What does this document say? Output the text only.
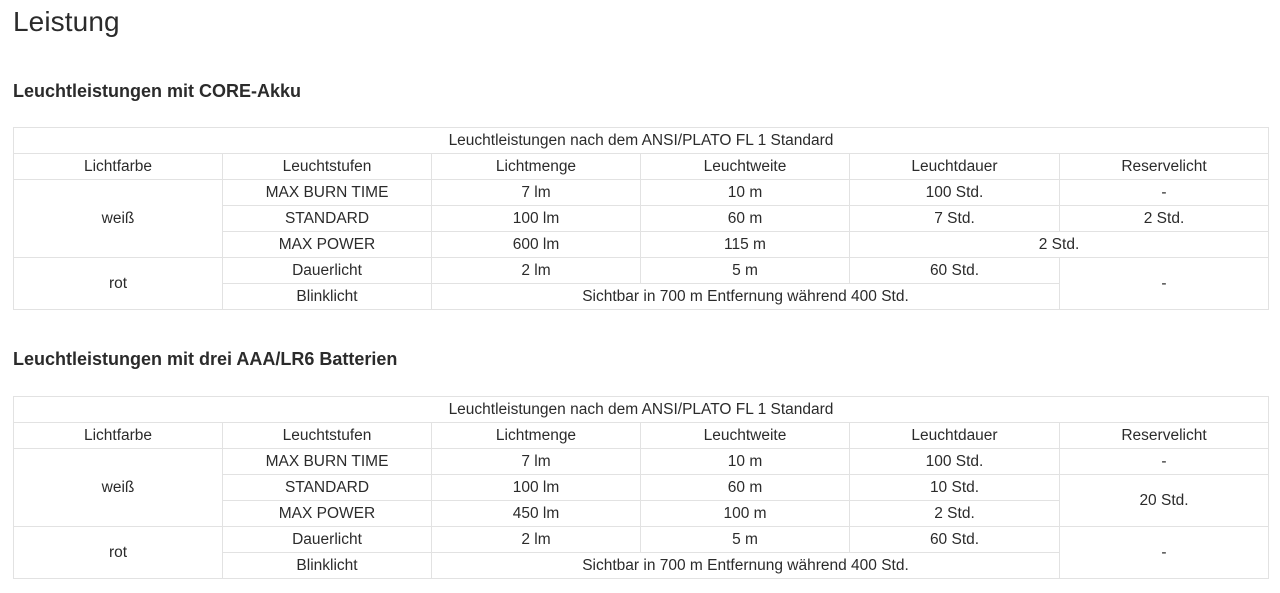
Leistung
Leuchtleistungen mit CORE-Akku
Leuchtleistungen nach dem ANSI/PLATO FL 1 Standard					
Lichtfarbe	Leuchtstufen	Lichtmenge	Leuchtweite	Leuchtdauer	Reservelicht
weiß	MAX BURN TIME	7 lm	10 m	100 Std.	-
	STANDARD	100 lm	60 m	7 Std.	2 Std.
	MAX POWER	600 lm	115 m	2 Std.	
rot	Dauerlicht	2 lm	5 m	60 Std.	-
	Blinklicht	Sichtbar in 700 m Entfernung während 400 Std.			
Leuchtleistungen mit drei AAA/LR6 Batterien
Leuchtleistungen nach dem ANSI/PLATO FL 1 Standard					
Lichtfarbe	Leuchtstufen	Lichtmenge	Leuchtweite	Leuchtdauer	Reservelicht
weiß	MAX BURN TIME	7 lm	10 m	100 Std.	-
	STANDARD	100 lm	60 m	10 Std.	20 Std.
	MAX POWER	450 lm	100 m	2 Std.	
rot	Dauerlicht	2 lm	5 m	60 Std.	-
	Blinklicht	Sichtbar in 700 m Entfernung während 400 Std.			
